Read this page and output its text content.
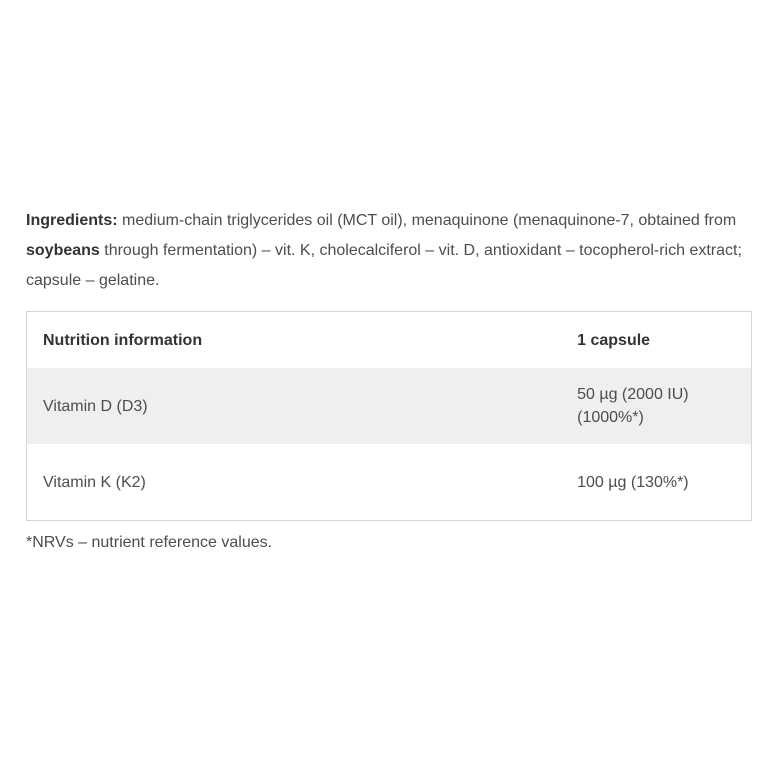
Ingredients: medium-chain triglycerides oil (MCT oil), menaquinone (menaquinone-7, obtained from soybeans through fermentation) – vit. K, cholecalciferol – vit. D, antioxidant – tocopherol-rich extract; capsule – gelatine.

Nutrition information	1 capsule
Vitamin D (D3)	50 µg (2000 IU) (1000%*)
Vitamin K (K2)	100 µg (130%*)
*NRVs – nutrient reference values.
